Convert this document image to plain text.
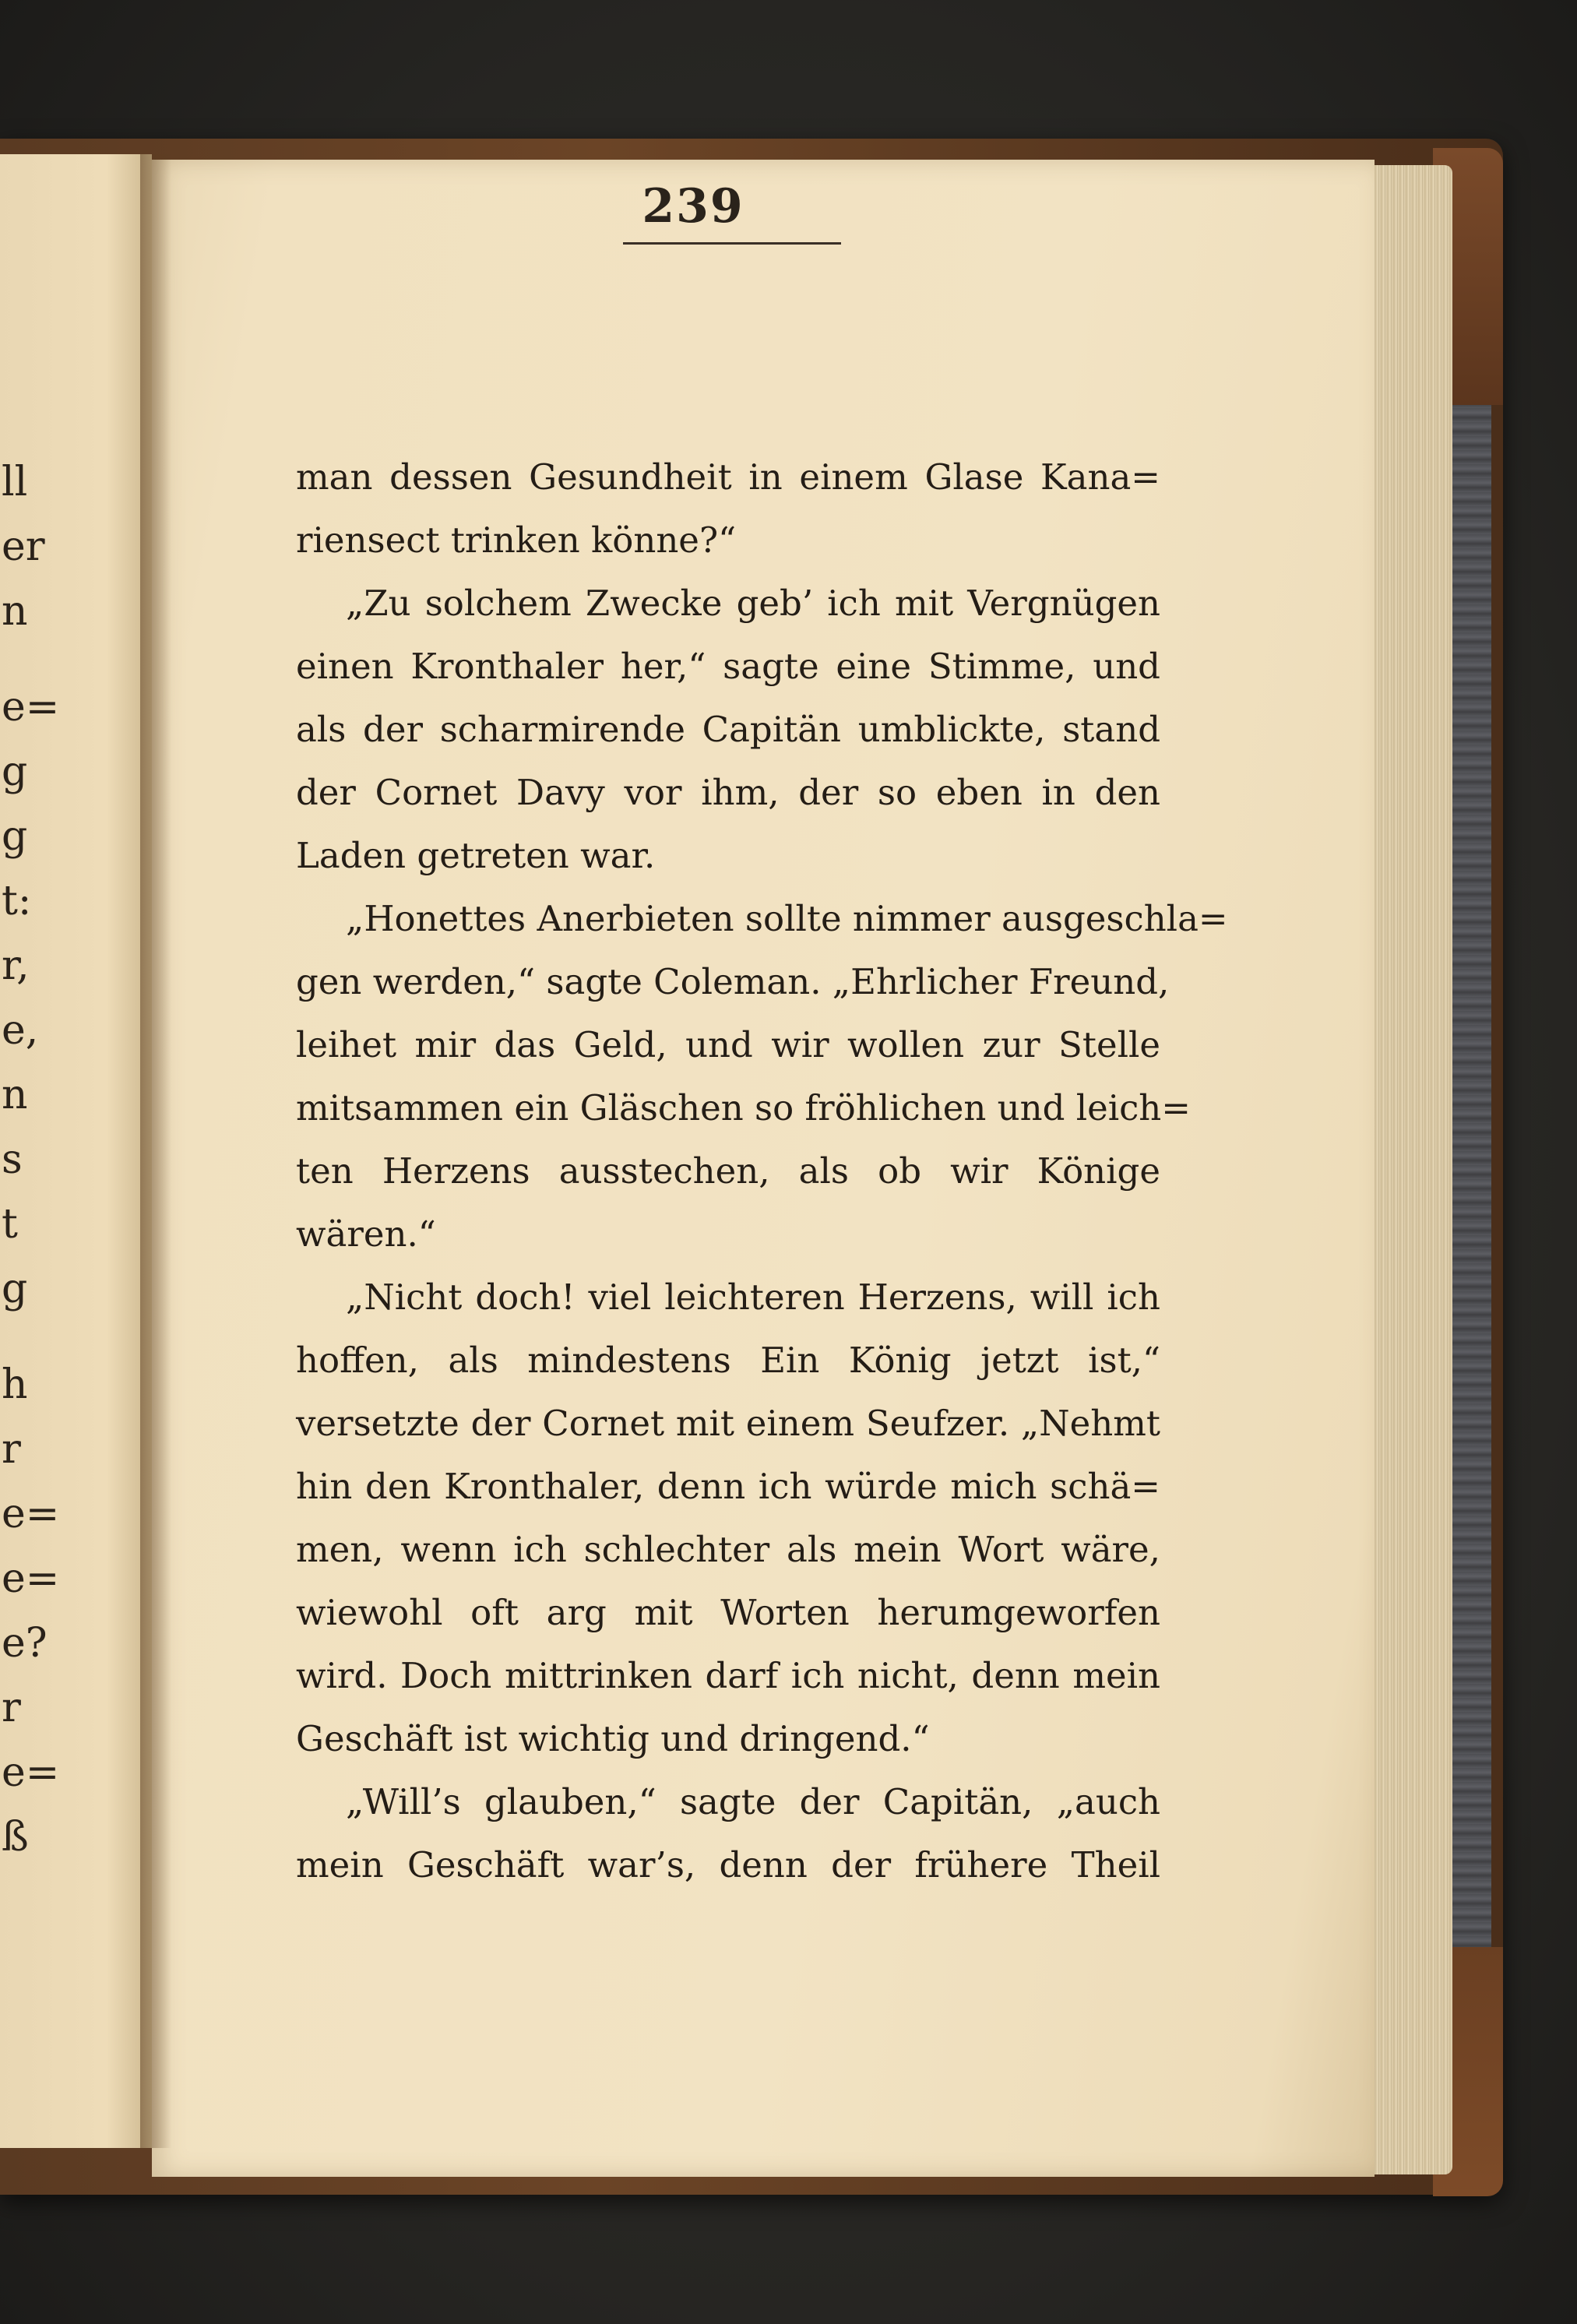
ll
er
n
e=
g
g
t:
r,
e,
n
s
t
g
h
r
e=
e=
e?
r
e=
ß

239

man dessen Gesundheit in einem Glase Kana=
riensect trinken könne?“
„Zu solchem Zwecke geb’ ich mit Vergnügen
einen Kronthaler her,“ sagte eine Stimme, und
als der scharmirende Capitän umblickte, stand
der Cornet Davy vor ihm, der so eben in den
Laden getreten war.
„Honettes Anerbieten sollte nimmer ausgeschla=
gen werden,“ sagte Coleman. „Ehrlicher Freund,
leihet mir das Geld, und wir wollen zur Stelle
mitsammen ein Gläschen so fröhlichen und leich=
ten Herzens ausstechen, als ob wir Könige
wären.“
„Nicht doch! viel leichteren Herzens, will ich
hoffen, als mindestens Ein König jetzt ist,“
versetzte der Cornet mit einem Seufzer. „Nehmt
hin den Kronthaler, denn ich würde mich schä=
men, wenn ich schlechter als mein Wort wäre,
wiewohl oft arg mit Worten herumgeworfen
wird. Doch mittrinken darf ich nicht, denn mein
Geschäft ist wichtig und dringend.“
„Will’s glauben,“ sagte der Capitän, „auch
mein Geschäft war’s, denn der frühere Theil
